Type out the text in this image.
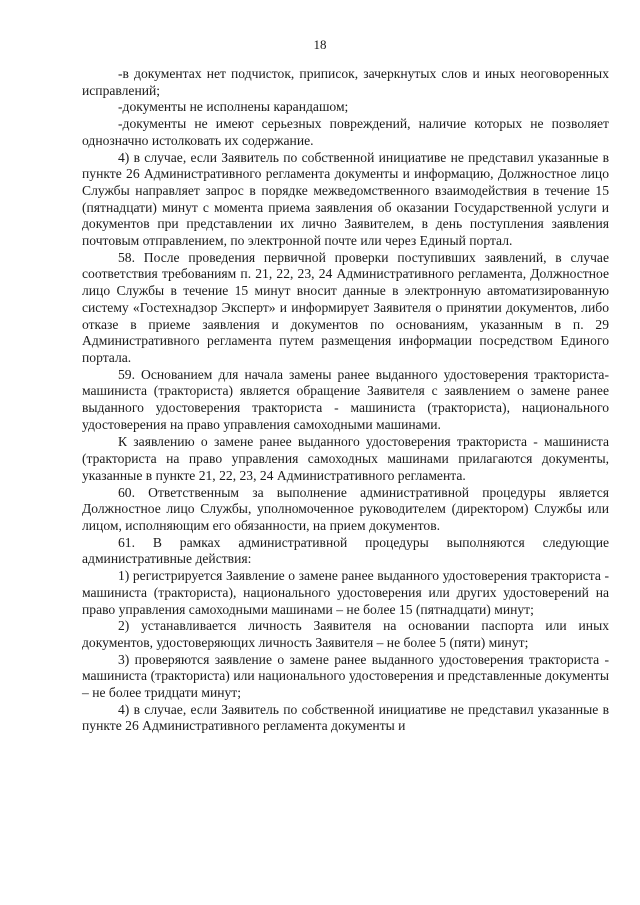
18

-в документах нет подчисток, приписок, зачеркнутых слов и иных неоговоренных исправлений;

-документы не исполнены карандашом;

-документы не имеют серьезных повреждений, наличие которых не позволяет однозначно истолковать их содержание.

4) в случае, если Заявитель по собственной инициативе не представил указанные в пункте 26 Административного регламента документы и информацию, Должностное лицо Службы направляет запрос в порядке межведомственного взаимодействия в течение 15 (пятнадцати) минут с момента приема заявления об оказании Государственной услуги и документов при представлении их лично Заявителем, в день поступления заявления почтовым отправлением, по электронной почте или через Единый портал.

58. После проведения первичной проверки поступивших заявлений, в случае соответствия требованиям п. 21, 22, 23, 24 Административного регламента, Должностное лицо Службы в течение 15 минут вносит данные в электронную автоматизированную систему «Гостехнадзор Эксперт» и информирует Заявителя о принятии документов, либо отказе в приеме заявления и документов по основаниям, указанным в п. 29 Административного регламента путем размещения информации посредством Единого портала.

59. Основанием для начала замены ранее выданного удостоверения тракториста-машиниста (тракториста) является обращение Заявителя с заявлением о замене ранее выданного удостоверения тракториста - машиниста (тракториста), национального удостоверения на право управления самоходными машинами.

К заявлению о замене ранее выданного удостоверения тракториста - машиниста (тракториста на право управления самоходных машинами прилагаются документы, указанные в пункте 21, 22, 23, 24 Административного регламента.

60. Ответственным за выполнение административной процедуры является Должностное лицо Службы, уполномоченное руководителем (директором) Службы или лицом, исполняющим его обязанности, на прием документов.

61. В рамках административной процедуры выполняются следующие административные действия:

1) регистрируется Заявление о замене ранее выданного удостоверения тракториста - машиниста (тракториста), национального удостоверения или других удостоверений на право управления самоходными машинами – не более 15 (пятнадцати) минут;

2) устанавливается личность Заявителя на основании паспорта или иных документов, удостоверяющих личность Заявителя – не более 5 (пяти) минут;

3) проверяются заявление о замене ранее выданного удостоверения тракториста - машиниста (тракториста) или национального удостоверения и представленные документы – не более тридцати минут;

4) в случае, если Заявитель по собственной инициативе не представил указанные в пункте 26 Административного регламента документы и
